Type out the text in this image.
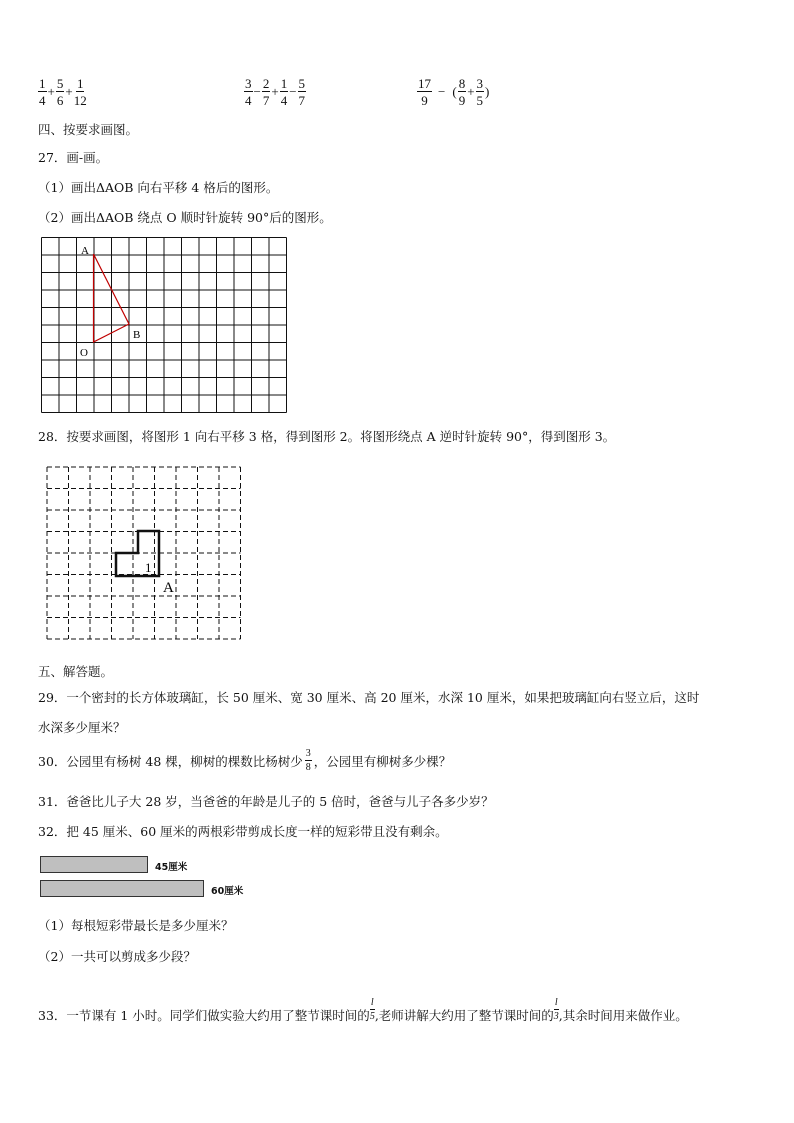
$\frac{1}{4} + \frac{5}{6} + \frac{1}{12}$	$\frac{3}{4} - \frac{2}{7} + \frac{1}{4} - \frac{5}{7}$	$\frac{17}{9}$ − ( $\frac{8}{9} + \frac{3}{5}$ )
四、按要求画图。
27．画-画。
（1）画出ΔAOB 向右平移 4 格后的图形。
（2）画出ΔAOB 绕点 O 顺时针旋转 90°后的图形。
A
B
O
28．按要求画图，将图形 1 向右平移 3 格，得到图形 2。将图形绕点 A 逆时针旋转 90°，得到图形 3。
1
A
五、解答题。
29．一个密封的长方体玻璃缸，长 50 厘米、宽 30 厘米、高 20 厘米，水深 10 厘米，如果把玻璃缸向右竖立后，这时
水深多少厘米？
30．公园里有杨树 48 棵，柳树的棵数比杨树少 $\frac{3}{8}$ ，公园里有柳树多少棵？
31．爸爸比儿子大 28 岁，当爸爸的年龄是儿子的 5 倍时，爸爸与儿子各多少岁？
32．把 45 厘米、60 厘米的两根彩带剪成长度一样的短彩带且没有剩余。
45厘米
60厘米
（1）每根短彩带最长是多少厘米？
（2）一共可以剪成多少段？
33．一节课有 1 小时。同学们做实验大约用了整节课时间的 $\frac{l}{5}$ ,老师讲解大约用了整节课时间的 $\frac{l}{3}$ ,其余时间用来做作业。
